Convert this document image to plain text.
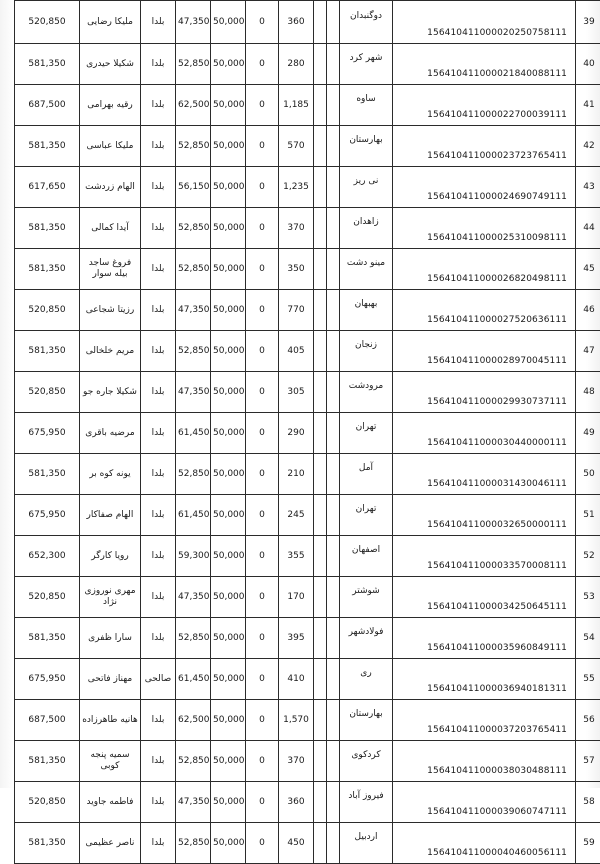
520,850	ملیکا رضایی	بلدا	47,350	50,000	0	360			دوگنبدان	156410411000020250758111	39
581,350	شکیلا حیدری	بلدا	52,850	50,000	0	280			شهر کرد	156410411000021840088111	40
687,500	رقیه بهرامی	بلدا	62,500	50,000	0	1,185			ساوه	156410411000022700039111	41
581,350	ملیکا عباسی	بلدا	52,850	50,000	0	570			بهارستان	156410411000023723765411	42
617,650	الهام زردشت	بلدا	56,150	50,000	0	1,235			نی ریز	156410411000024690749111	43
581,350	آیدا کمالی	بلدا	52,850	50,000	0	370			زاهدان	156410411000025310098111	44
581,350	فروغ ساجد بیله سوار	بلدا	52,850	50,000	0	350			مینو دشت	156410411000026820498111	45
520,850	رزیتا شجاعی	بلدا	47,350	50,000	0	770			بهبهان	156410411000027520636111	46
581,350	مریم خلخالی	بلدا	52,850	50,000	0	405			زنجان	156410411000028970045111	47
520,850	شکیلا جاره جو	بلدا	47,350	50,000	0	305			مرودشت	156410411000029930737111	48
675,950	مرضیه باقری	بلدا	61,450	50,000	0	290			تهران	156410411000030440000111	49
581,350	یونه کوه بر	بلدا	52,850	50,000	0	210			آمل	156410411000031430046111	50
675,950	الهام صفاکار	بلدا	61,450	50,000	0	245			تهران	156410411000032650000111	51
652,300	رویا کارگر	بلدا	59,300	50,000	0	355			اصفهان	156410411000033570008111	52
520,850	مهری نوروزی نژاد	بلدا	47,350	50,000	0	170			شوشتر	156410411000034250645111	53
581,350	سارا ظفری	بلدا	52,850	50,000	0	395			فولادشهر	156410411000035960849111	54
675,950	مهناز فاتحی	صالحی	61,450	50,000	0	410			ری	156410411000036940181311	55
687,500	هانیه طاهرزاده	بلدا	62,500	50,000	0	1,570			بهارستان	156410411000037203765411	56
581,350	سمیه پنجه کوبی	بلدا	52,850	50,000	0	370			کردکوی	156410411000038030488111	57
520,850	فاطمه جاوید	بلدا	47,350	50,000	0	360			فیروز آباد	156410411000039060747111	58
581,350	ناصر عظیمی	بلدا	52,850	50,000	0	450			اردبیل	156410411000040460056111	59
